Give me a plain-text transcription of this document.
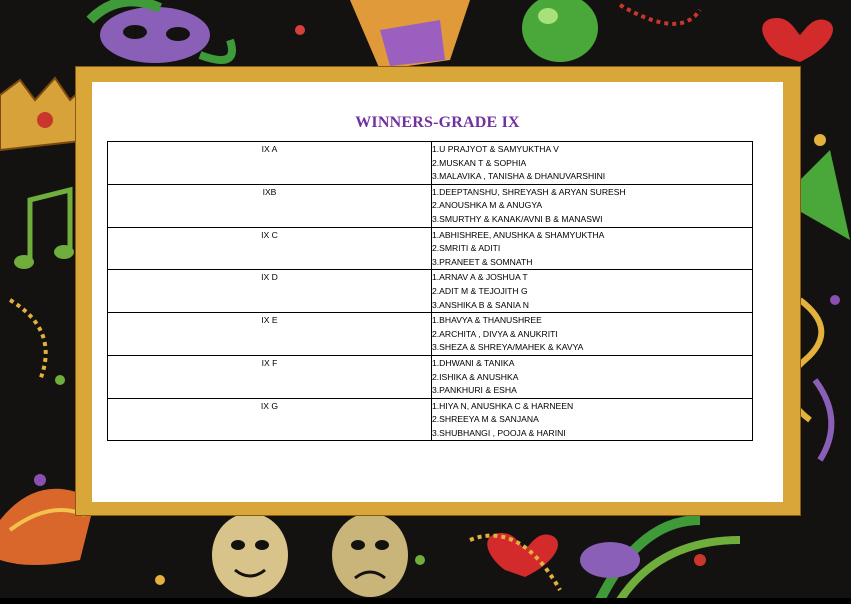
WINNERS-GRADE IX
IX A	1.U PRAJYOT & SAMYUKTHA V
2.MUSKAN T & SOPHIA
3.MALAVIKA , TANISHA & DHANUVARSHINI

IXB	1.DEEPTANSHU, SHREYASH & ARYAN SURESH
2.ANOUSHKA M & ANUGYA
3.SMURTHY & KANAK/AVNI B & MANASWI

IX C	1.ABHISHREE, ANUSHKA & SHAMYUKTHA
2.SMRITI & ADITI
3.PRANEET & SOMNATH

IX D	1.ARNAV A & JOSHUA T
2.ADIT M & TEJOJITH G
3.ANSHIKA B & SANIA N

IX E	1.BHAVYA & THANUSHREE
2.ARCHITA , DIVYA & ANUKRITI
3.SHEZA & SHREYA/MAHEK & KAVYA

IX F	1.DHWANI & TANIKA
2.ISHIKA & ANUSHKA
3.PANKHURI & ESHA

IX G	1.HIYA N, ANUSHKA C & HARNEEN
2.SHREEYA M & SANJANA
3.SHUBHANGI , POOJA & HARINI
